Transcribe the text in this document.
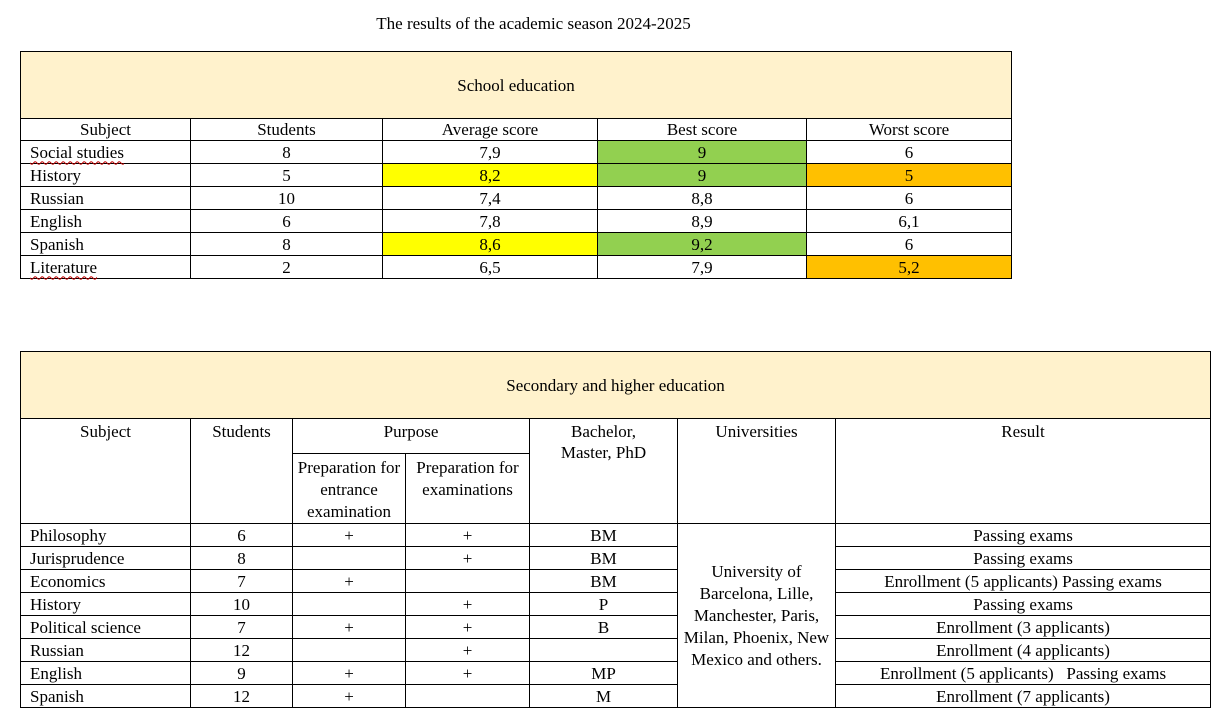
The results of the academic season 2024-2025
School education				
Subject	Students	Average score	Best score	Worst score
Social studies	8	7,9	9	6
History	5	8,2	9	5
Russian	10	7,4	8,8	6
English	6	7,8	8,9	6,1
Spanish	8	8,6	9,2	6
Literature	2	6,5	7,9	5,2
Secondary and higher education						
Subject	Students	Purpose		Bachelor, Master, PhD	Universities	Result
		Preparation for entrance examination	Preparation for examinations			
Philosophy	6	+	+	BM	University of Barcelona, Lille, Manchester, Paris, Milan, Phoenix, New Mexico and others.	Passing exams
Jurisprudence	8		+	BM		Passing exams
Economics	7	+		BM		Enrollment (5 applicants) Passing exams
History	10		+	P		Passing exams
Political science	7	+	+	B		Enrollment (3 applicants)
Russian	12		+			Enrollment (4 applicants)
English	9	+	+	MP		Enrollment (5 applicants)   Passing exams
Spanish	12	+		M		Enrollment (7 applicants)
